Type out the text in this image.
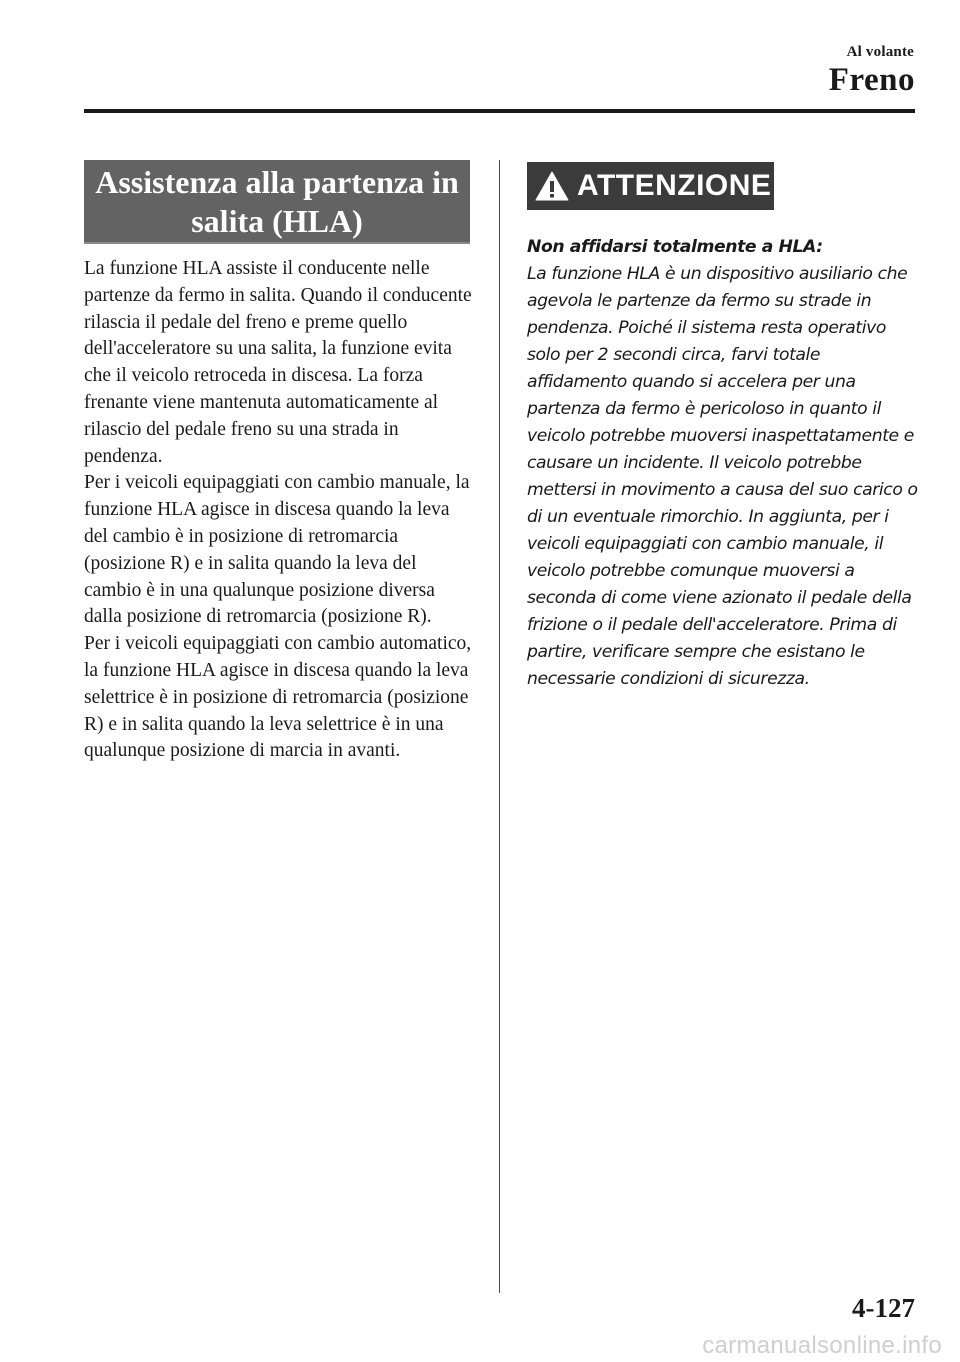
Al volante
Freno
Assistenza alla partenza in salita (HLA)

La funzione HLA assiste il conducente nelle partenze da fermo in salita. Quando il conducente rilascia il pedale del freno e preme quello dell'acceleratore su una salita, la funzione evita che il veicolo retroceda in discesa. La forza frenante viene mantenuta automaticamente al rilascio del pedale freno su una strada in pendenza.

Per i veicoli equipaggiati con cambio manuale, la funzione HLA agisce in discesa quando la leva del cambio è in posizione di retromarcia (posizione R) e in salita quando la leva del cambio è in una qualunque posizione diversa dalla posizione di retromarcia (posizione R).

Per i veicoli equipaggiati con cambio automatico, la funzione HLA agisce in discesa quando la leva selettrice è in posizione di retromarcia (posizione R) e in salita quando la leva selettrice è in una qualunque posizione di marcia in avanti.

ATTENZIONE

Non affidarsi totalmente a HLA:

La funzione HLA è un dispositivo ausiliario che agevola le partenze da fermo su strade in pendenza. Poiché il sistema resta operativo solo per 2 secondi circa, farvi totale affidamento quando si accelera per una partenza da fermo è pericoloso in quanto il veicolo potrebbe muoversi inaspettatamente e causare un incidente. Il veicolo potrebbe mettersi in movimento a causa del suo carico o di un eventuale rimorchio. In aggiunta, per i veicoli equipaggiati con cambio manuale, il veicolo potrebbe comunque muoversi a seconda di come viene azionato il pedale della frizione o il pedale dell'acceleratore. Prima di partire, verificare sempre che esistano le necessarie condizioni di sicurezza.

4-127
carmanualsonline.info
